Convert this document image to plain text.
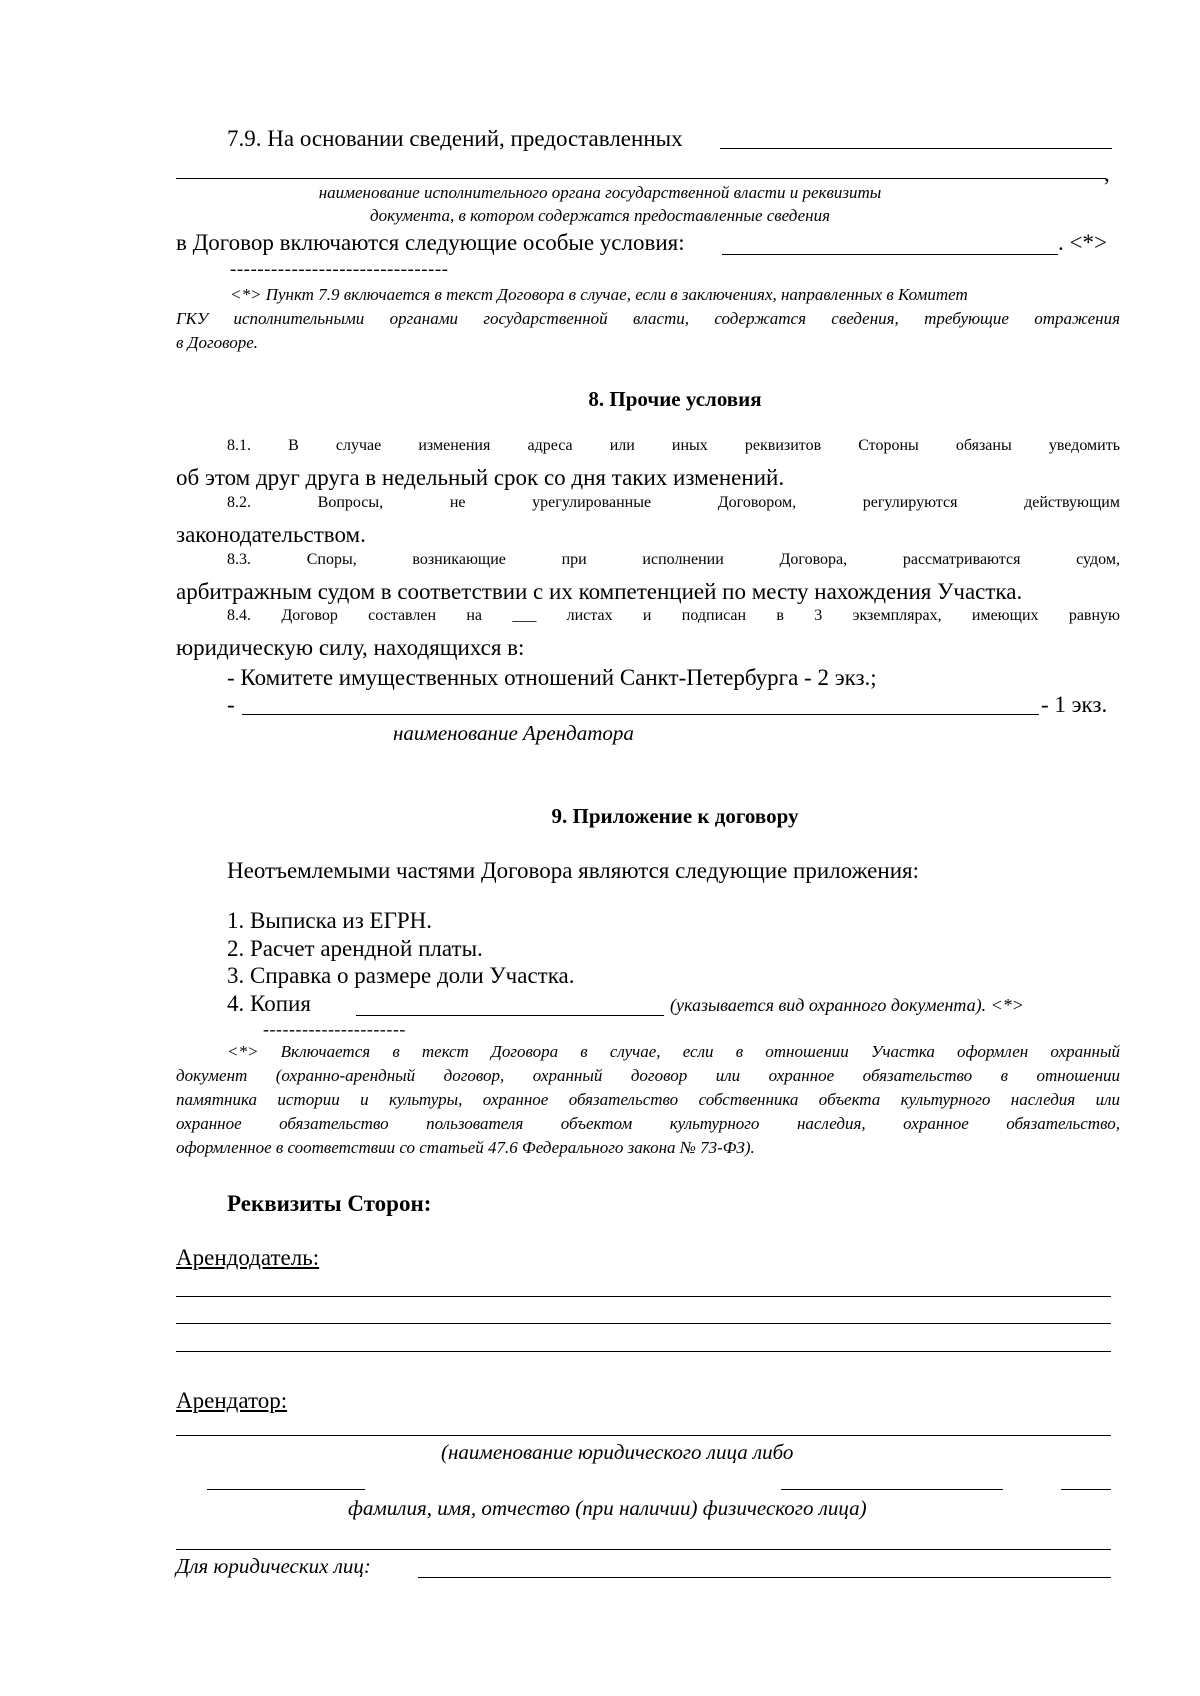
7.9. На основании сведений, предоставленных
,
наименование исполнительного органа государственной власти и реквизиты
документа, в котором содержатся предоставленные сведения
в Договор включаются следующие особые условия:	. <*>
--------------------------------
<*> Пункт 7.9 включается в текст Договора в случае, если в заключениях, направленных в Комитет
ГКУ исполнительными органами государственной власти, содержатся сведения, требующие отражения
в Договоре.
8. Прочие условия
8.1. В случае изменения адреса или иных реквизитов Стороны обязаны уведомить
об этом друг друга в недельный срок со дня таких изменений.
8.2. Вопросы, не урегулированные Договором, регулируются действующим
законодательством.
8.3. Споры, возникающие при исполнении Договора, рассматриваются судом,
арбитражным судом в соответствии с их компетенцией по месту нахождения Участка.
8.4. Договор составлен на ___ листах и подписан в 3 экземплярах, имеющих равную
юридическую силу, находящихся в:
- Комитете имущественных отношений Санкт-Петербурга - 2 экз.;
-	- 1 экз.
наименование Арендатора
9. Приложение к договору
Неотъемлемыми частями Договора являются следующие приложения:
1. Выписка из ЕГРН.
2. Расчет арендной платы.
3. Справка о размере доли Участка.
4. Копия	(указывается вид охранного документа). <*>
----------------------
<*> Включается в текст Договора в случае, если в отношении Участка оформлен охранный
документ (охранно-арендный договор, охранный договор или охранное обязательство в отношении
памятника истории и культуры, охранное обязательство собственника объекта культурного наследия или
охранное обязательство пользователя объектом культурного наследия, охранное обязательство,
оформленное в соответствии со статьей 47.6 Федерального закона № 73-ФЗ).
Реквизиты Сторон:
Арендодатель:
Арендатор:
(наименование юридического лица либо
фамилия, имя, отчество (при наличии) физического лица)
Для юридических лиц:
